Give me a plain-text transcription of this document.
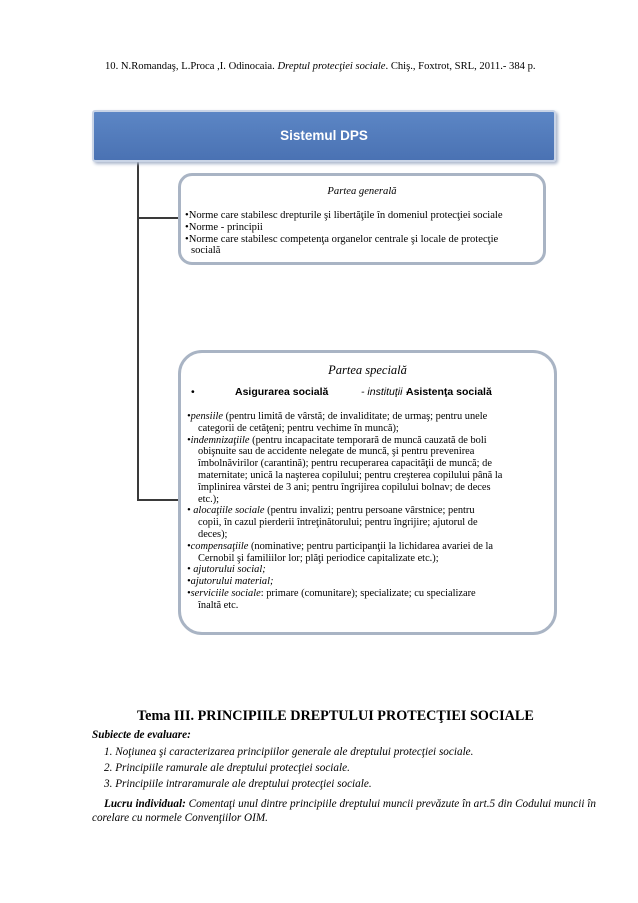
10. N.Romandaş, L.Proca ,I. Odinocaia. Dreptul protecţiei sociale. Chiş., Foxtrot, SRL, 2011.- 384 p.
Sistemul DPS
Partea generală
•Norme care stabilesc drepturile şi libertăţile în domeniul protecţiei sociale
•Norme - principii
•Norme care stabilesc competenţa organelor centrale şi locale de protecţie
socială
Partea specială
•	Asigurarea socială	- instituţii -
Asistenţa socială
•pensiile (pentru limită de vârstă; de invaliditate; de urmaş; pentru unele
categorii de cetăţeni; pentru vechime în muncă);
•indemnizaţiile (pentru incapacitate temporară de muncă cauzată de boli
obişnuite sau de accidente nelegate de muncă, şi pentru prevenirea
îmbolnăvirilor (carantină); pentru recuperarea capacităţii de muncă; de
maternitate; unică la naşterea copilului; pentru creşterea copilului până la
împlinirea vârstei de 3 ani; pentru îngrijirea copilului bolnav; de deces
etc.);
• alocaţiile sociale (pentru invalizi; pentru persoane vârstnice; pentru
copii, în cazul pierderii întreţinătorului; pentru îngrijire; ajutorul de
deces);
•compensaţiile (nominative; pentru participanţii la lichidarea avariei de la
Cernobil şi familiilor lor; plăţi periodice capitalizate etc.);
• ajutorului social;
•ajutorului material;
•serviciile sociale: primare (comunitare); specializate; cu specializare
înaltă etc.
Tema III. PRINCIPIILE DREPTULUI PROTECŢIEI SOCIALE
Subiecte de evaluare:
1. Noţiunea şi caracterizarea principiilor generale ale dreptului protecţiei sociale.
2. Principiile ramurale ale dreptului protecţiei sociale.
3. Principiile intraramurale ale dreptului protecţiei sociale.
Lucru individual: Comentaţi unul dintre principiile dreptului muncii prevăzute în art.5 din Codului muncii în corelare cu normele Convenţiilor OIM.
